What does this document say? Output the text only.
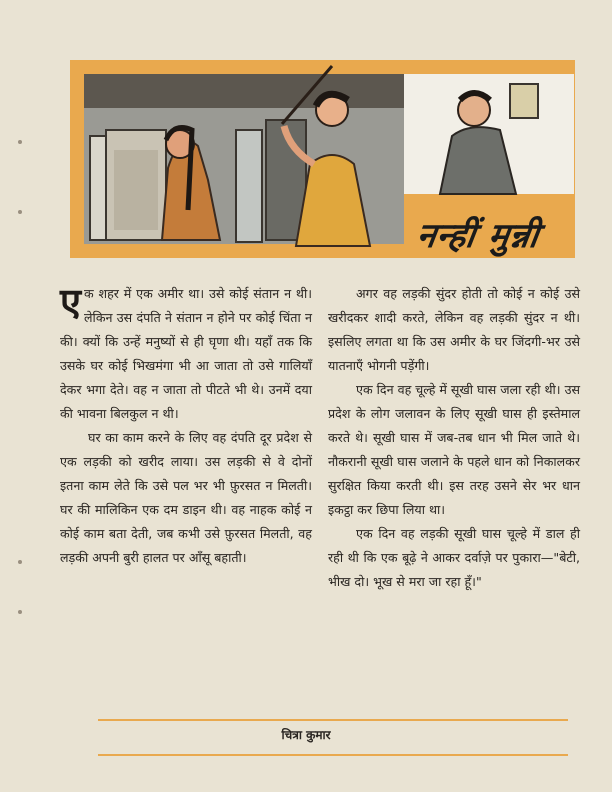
नन्हीं मुन्नी

एक शहर में एक अमीर था। उसे कोई संतान न थी। लेकिन उस दंपति ने संतान न होने पर कोई चिंता न की। क्यों कि उन्हें मनुष्यों से ही घृणा थी। यहाँ तक कि उसके घर कोई भिखमंगा भी आ जाता तो उसे गालियाँ देकर भगा देते। वह न जाता तो पीटते भी थे। उनमें दया की भावना बिलकुल न थी।

घर का काम करने के लिए वह दंपति दूर प्रदेश से एक लड़की को खरीद लाया। उस लड़की से वे दोनों इतना काम लेते कि उसे पल भर भी फ़ुरसत न मिलती। घर की मालिकिन एक दम डाइन थी। वह नाहक कोई न कोई काम बता देती, जब कभी उसे फ़ुरसत मिलती, वह लड़की अपनी बुरी हालत पर आँसू बहाती।

अगर वह लड़की सुंदर होती तो कोई न कोई उसे खरीदकर शादी करते, लेकिन वह लड़की सुंदर न थी। इसलिए लगता था कि उस अमीर के घर जिंदगी-भर उसे यातनाएँ भोगनी पड़ेंगी।

एक दिन वह चूल्हे में सूखी घास जला रही थी। उस प्रदेश के लोग जलावन के लिए सूखी घास ही इस्तेमाल करते थे। सूखी घास में जब-तब धान भी मिल जाते थे। नौकरानी सूखी घास जलाने के पहले धान को निकालकर सुरक्षित किया करती थी। इस तरह उसने सेर भर धान इकट्ठा कर छिपा लिया था।

एक दिन वह लड़की सूखी घास चूल्हे में डाल ही रही थी कि एक बूढ़े ने आकर दर्वाज़े पर पुकारा—"बेटी, भीख दो। भूख से मरा जा रहा हूँ।"

चित्रा कुमार
